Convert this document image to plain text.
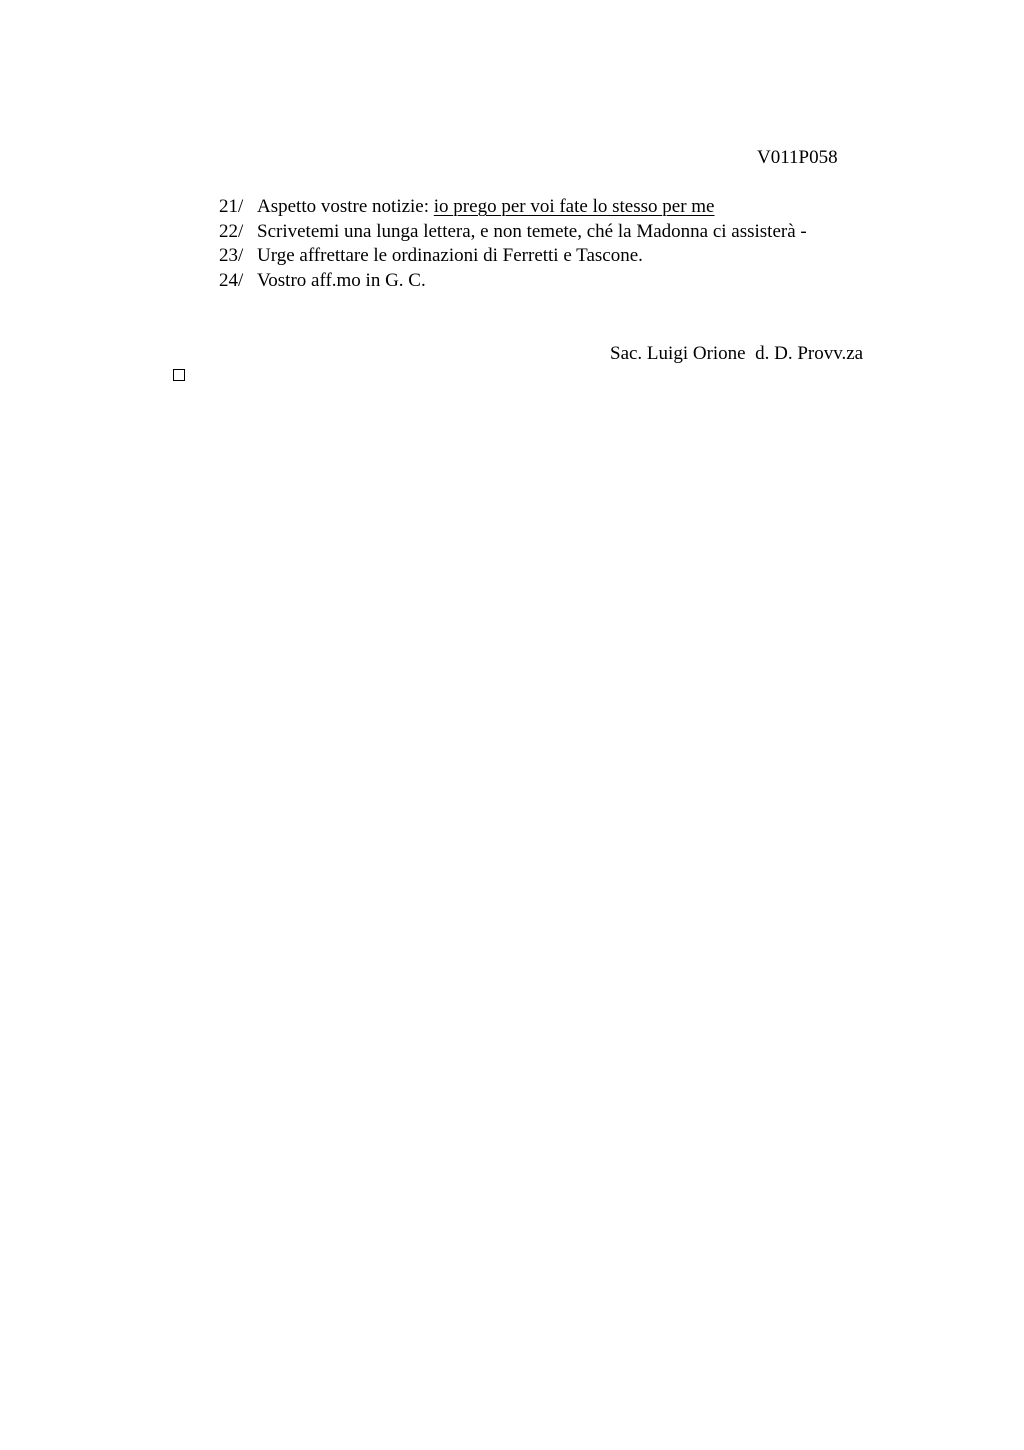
V011P058
21/ Aspetto vostre notizie: io prego per voi fate lo stesso per me
22/ Scrivetemi una lunga lettera, e non temete, ché la Madonna ci assisterà -
23/ Urge affrettare le ordinazioni di Ferretti e Tascone.
24/ Vostro aff.mo in G. C.
Sac. Luigi Orione  d. D. Provv.za
